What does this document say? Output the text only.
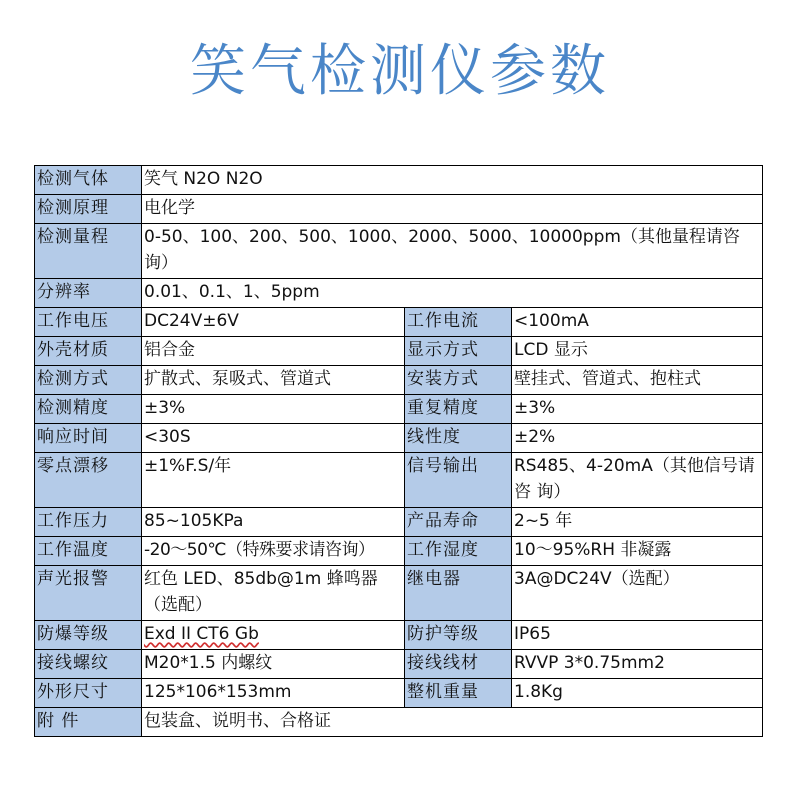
笑气检测仪参数
检测气体	笑气 N2O N2O		
检测原理	电化学		
检测量程	0-50、100、200、500、1000、2000、5000、10000ppm（其他量程请咨询）		
分辨率	0.01、0.1、1、5ppm		
工作电压	DC24V±6V	工作电流	<100mA
外壳材质	铝合金	显示方式	LCD 显示
检测方式	扩散式、泵吸式、管道式	安装方式	壁挂式、管道式、抱柱式
检测精度	±3%	重复精度	±3%
响应时间	<30S	线性度	±2%
零点漂移	±1%F.S/年	信号输出	RS485、4-20mA（其他信号请咨 询）
工作压力	85~105KPa	产品寿命	2~5 年
工作温度	-20～50℃（特殊要求请咨询）	工作湿度	10～95%RH 非凝露
声光报警	红色 LED、85db@1m 蜂鸣器（选配）	继电器	3A@DC24V（选配）
防爆等级	Exd II CT6 Gb	防护等级	IP65
接线螺纹	M20*1.5 内螺纹	接线线材	RVVP 3*0.75mm2
外形尺寸	125*106*153mm	整机重量	1.8Kg
附 件	包装盒、说明书、合格证		
